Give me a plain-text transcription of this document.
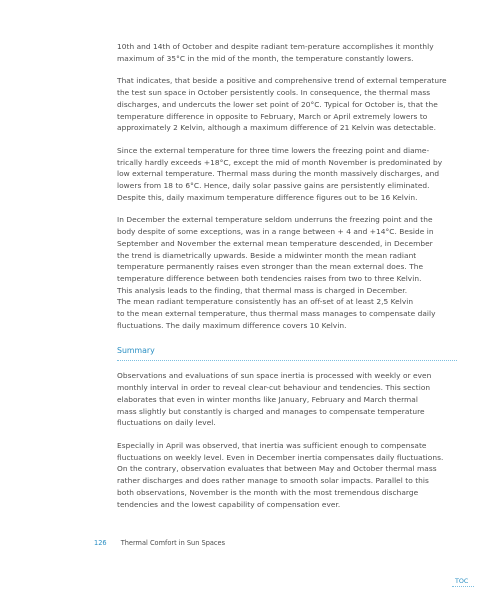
10th and 14th of October and despite radiant tem-perature accomplishes it monthly
maximum of 35°C in the mid of the month, the temperature constantly lowers.

That indicates, that beside a positive and comprehensive trend of external temperature
the test sun space in October persistently cools. In consequence, the thermal mass
discharges, and undercuts the lower set point of 20°C. Typical for October is, that the
temperature difference in opposite to February, March or April extremely lowers to
approximately 2 Kelvin, although a maximum difference of 21 Kelvin was detectable.

Since the external temperature for three time lowers the freezing point and diame-
trically hardly exceeds +18°C, except the mid of month November is predominated by
low external temperature. Thermal mass during the month massively discharges, and
lowers from 18 to 6°C. Hence, daily solar passive gains are persistently eliminated.
Despite this, daily maximum temperature difference figures out to be 16 Kelvin.

In December the external temperature seldom underruns the freezing point and the
body despite of some exceptions, was in a range between + 4 and +14°C. Beside in
September and November the external mean temperature descended, in December
the trend is diametrically upwards. Beside a midwinter month the mean radiant
temperature permanently raises even stronger than the mean external does. The
temperature difference between both tendencies raises from two to three Kelvin.
This analysis leads to the finding, that thermal mass is charged in December.
The mean radiant temperature consistently has an off-set of at least 2,5 Kelvin
to the mean external temperature, thus thermal mass manages to compensate daily
fluctuations. The daily maximum difference covers 10 Kelvin.

Summary

Observations and evaluations of sun space inertia is processed with weekly or even
monthly interval in order to reveal clear-cut behaviour and tendencies. This section
elaborates that even in winter months like January, February and March thermal
mass slightly but constantly is charged and manages to compensate temperature
fluctuations on daily level.

Especially in April was observed, that inertia was sufficient enough to compensate
fluctuations on weekly level. Even in December inertia compensates daily fluctuations.
On the contrary, observation evaluates that between May and October thermal mass
rather discharges and does rather manage to smooth solar impacts. Parallel to this
both observations, November is the month with the most tremendous discharge
tendencies and the lowest capability of compensation ever.

126 Thermal Comfort in Sun Spaces
TOC
